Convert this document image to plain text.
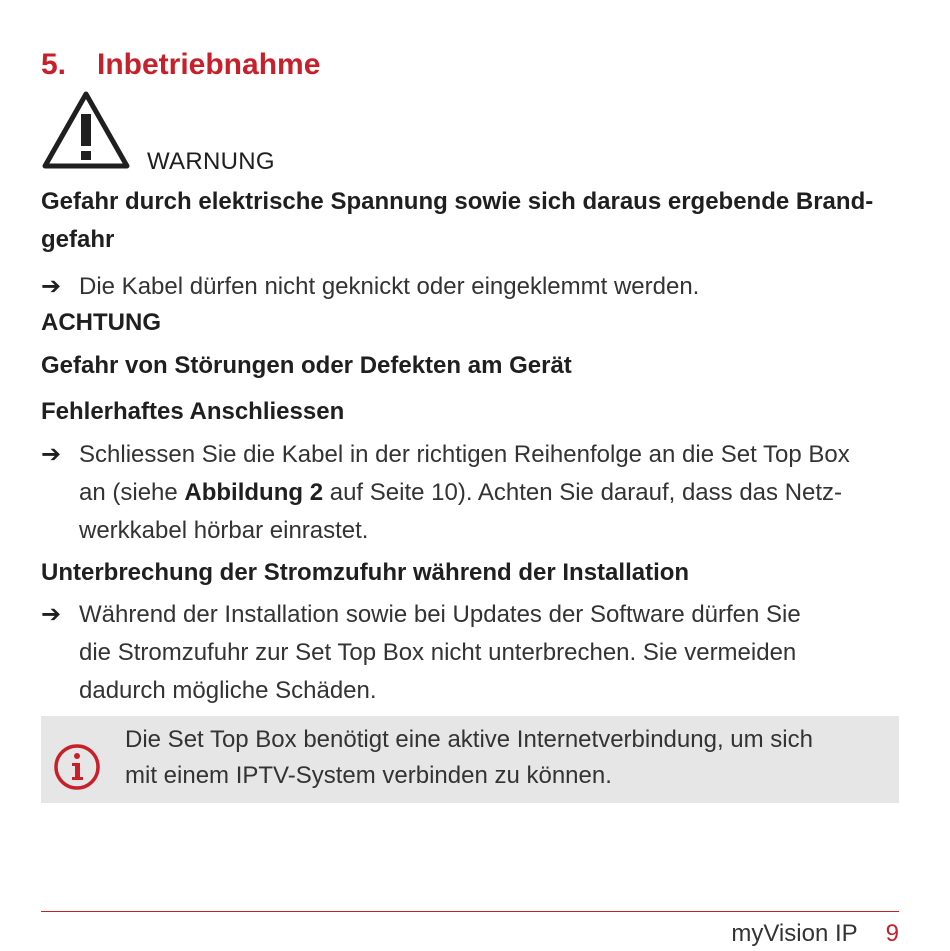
5. Inbetriebnahme
WARNUNG
Gefahr durch elektrische Spannung sowie sich daraus ergebende Brand-
gefahr
➔ Die Kabel dürfen nicht geknickt oder eingeklemmt werden.
ACHTUNG
Gefahr von Störungen oder Defekten am Gerät
Fehlerhaftes Anschliessen
➔ Schliessen Sie die Kabel in der richtigen Reihenfolge an die Set Top Box
an (siehe Abbildung 2 auf Seite 10). Achten Sie darauf, dass das Netz-
werkkabel hörbar einrastet.
Unterbrechung der Stromzufuhr während der Installation
➔ Während der Installation sowie bei Updates der Software dürfen Sie
die Stromzufuhr zur Set Top Box nicht unterbrechen. Sie vermeiden
dadurch mögliche Schäden.
Die Set Top Box benötigt eine aktive Internetverbindung, um sich
mit einem IPTV-System verbinden zu können.
myVision IP 9
